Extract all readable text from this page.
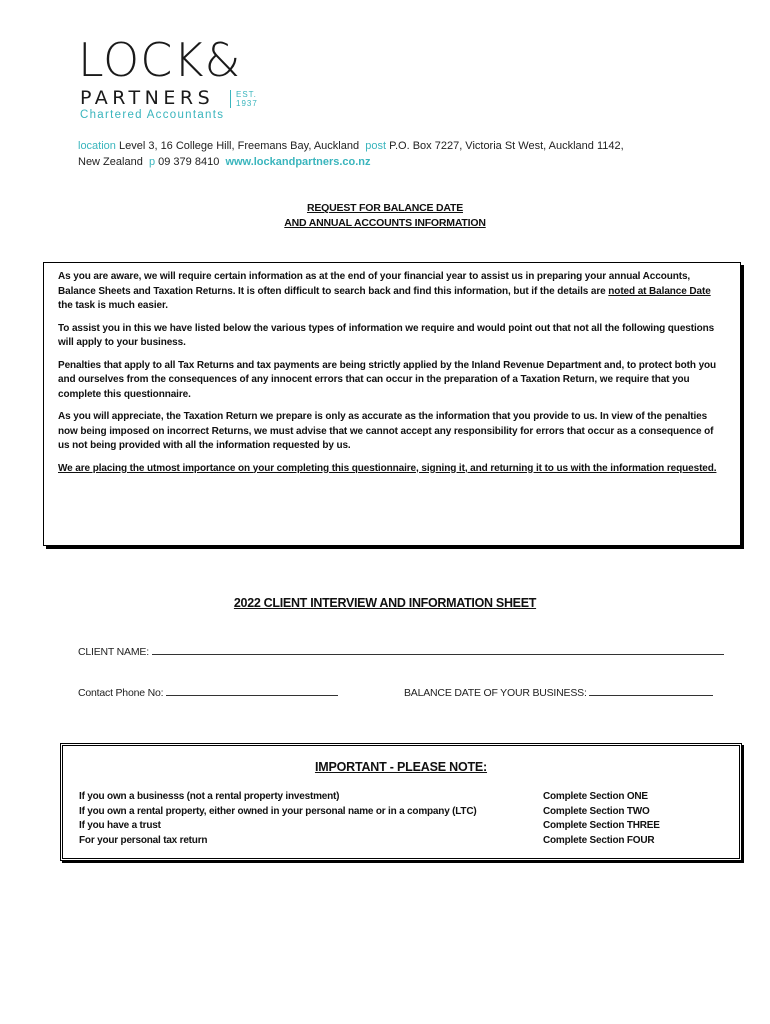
LOCK&
PARTNERS	EST.
1937
Chartered Accountants
location Level 3, 16 College Hill, Freemans Bay, Auckland post P.O. Box 7227, Victoria St West, Auckland 1142,
New Zealand p 09 379 8410 www.lockandpartners.co.nz
REQUEST FOR BALANCE DATE
AND ANNUAL ACCOUNTS INFORMATION

As you are aware, we will require certain information as at the end of your financial year to assist us in preparing your annual Accounts, Balance Sheets and Taxation Returns. It is often difficult to search back and find this information, but if the details are noted at Balance Date the task is much easier.

To assist you in this we have listed below the various types of information we require and would point out that not all the following questions will apply to your business.

Penalties that apply to all Tax Returns and tax payments are being strictly applied by the Inland Revenue Department and, to protect both you and ourselves from the consequences of any innocent errors that can occur in the preparation of a Taxation Return, we require that you complete this questionnaire.

As you will appreciate, the Taxation Return we prepare is only as accurate as the information that you provide to us. In view of the penalties now being imposed on incorrect Returns, we must advise that we cannot accept any responsibility for errors that occur as a consequence of us not being provided with all the information requested by us.

We are placing the utmost importance on your completing this questionnaire, signing it, and returning it to us with the information requested.

2022 CLIENT INTERVIEW AND INFORMATION SHEET
CLIENT NAME:
Contact Phone No:	BALANCE DATE OF YOUR BUSINESS:
IMPORTANT - PLEASE NOTE:
If you own a businesss (not a rental property investment)	Complete Section ONE
If you own a rental property, either owned in your personal name or in a company (LTC)	Complete Section TWO
If you have a trust	Complete Section THREE
For your personal tax return	Complete Section FOUR
